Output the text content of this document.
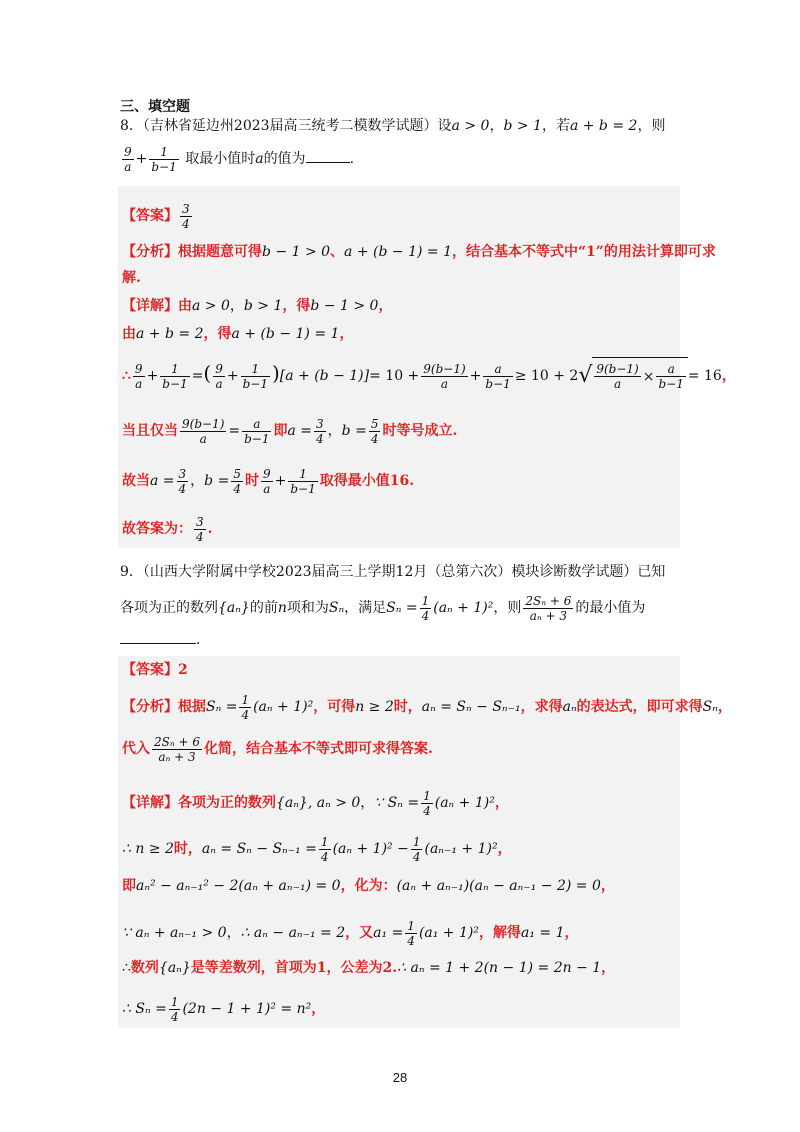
三、填空题
8．（吉林省延边州2023届高三统考二模数学试题）设a > 0，b > 1，若a + b = 2，则
$\frac{9}{a} + \frac{1}{b-1}$ 取最小值时a的值为	.
【答案】 $\frac{3}{4}$
【分析】根据题意可得b − 1 > 0、a + (b − 1) = 1，结合基本不等式中“1”的用法计算即可求
解.
【详解】由a > 0，b > 1，得b − 1 > 0，
由a + b = 2，得a + (b − 1) = 1，
∴ $\frac{9}{a} + \frac{1}{b-1}$ =( $\frac{9}{a} + \frac{1}{b-1} )[a + (b - 1)]= 10 + \frac{9(b-1)}{a} + \frac{a}{b-1} \ge 10 + 2$ √ $\frac{9(b-1)}{a} \times \frac{a}{b-1} = 16$，
当且仅当 $\frac{9(b-1)}{a} = \frac{a}{b-1}$ 即$a = \frac{3}{4}$ ，$b = \frac{5}{4}$ 时等号成立.
故当$a = \frac{3}{4}$ ，$b = \frac{5}{4}$ 时 $\frac{9}{a} + \frac{1}{b-1}$ 取得最小值16.
故答案为： $\frac{3}{4}$ .
9．（山西大学附属中学校2023届高三上学期12月（总第六次）模块诊断数学试题）已知
各项为正的数列{aₙ}的前n项和为Sₙ，满足$S_n = \frac{1}{4} (a_n + 1)^2$，则 $\frac{\text{2Sₙ + 6}}{\text{aₙ + 3}}$ 的最小值为
.
【答案】2
【分析】根据$S_n = \frac{1}{4} (a_n + 1)^2$，可得n ≥ 2时，aₙ = Sₙ − Sₙ₋₁，求得aₙ的表达式，即可求得Sₙ，
代入 $\frac{\text{2Sₙ + 6}}{\text{aₙ + 3}}$ 化简，结合基本不等式即可求得答案.
【详解】各项为正的数列{aₙ}, aₙ > 0，∵ $S_n = \frac{1}{4} (a_n + 1)^2$，
∴ n ≥ 2时，$a_n = S_n - S_{n-1} = \frac{1}{4} (a_n + 1)^2 - \frac{1}{4} (a_{n-1} + 1)^2$，
即aₙ² − aₙ₋₁² − 2(aₙ + aₙ₋₁) = 0，化为：(aₙ + aₙ₋₁)(aₙ − aₙ₋₁ − 2) = 0，
∵ aₙ + aₙ₋₁ > 0，∴ aₙ − aₙ₋₁ = 2，又$a_1 = \frac{1}{4} (a_1 + 1)^2$，解得a₁ = 1，
∴数列{aₙ}是等差数列，首项为1，公差为2.∴ aₙ = 1 + 2(n − 1) = 2n − 1，
∴ $S_n = \frac{1}{4} (2n - 1 + 1)^2 = n^2$，
28
